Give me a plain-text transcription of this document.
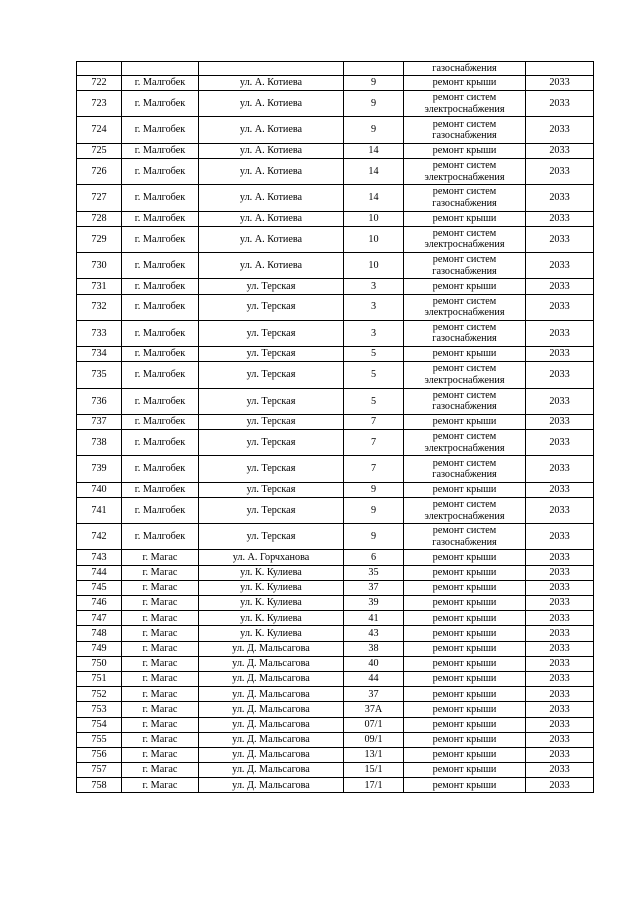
				газоснабжения	
722	г. Малгобек	ул. А. Котиева	9	ремонт крыши	2033
723	г. Малгобек	ул. А. Котиева	9	ремонт систем электроснабжения	2033
724	г. Малгобек	ул. А. Котиева	9	ремонт систем газоснабжения	2033
725	г. Малгобек	ул. А. Котиева	14	ремонт крыши	2033
726	г. Малгобек	ул. А. Котиева	14	ремонт систем электроснабжения	2033
727	г. Малгобек	ул. А. Котиева	14	ремонт систем газоснабжения	2033
728	г. Малгобек	ул. А. Котиева	10	ремонт крыши	2033
729	г. Малгобек	ул. А. Котиева	10	ремонт систем электроснабжения	2033
730	г. Малгобек	ул. А. Котиева	10	ремонт систем газоснабжения	2033
731	г. Малгобек	ул. Терская	3	ремонт крыши	2033
732	г. Малгобек	ул. Терская	3	ремонт систем электроснабжения	2033
733	г. Малгобек	ул. Терская	3	ремонт систем газоснабжения	2033
734	г. Малгобек	ул. Терская	5	ремонт крыши	2033
735	г. Малгобек	ул. Терская	5	ремонт систем электроснабжения	2033
736	г. Малгобек	ул. Терская	5	ремонт систем газоснабжения	2033
737	г. Малгобек	ул. Терская	7	ремонт крыши	2033
738	г. Малгобек	ул. Терская	7	ремонт систем электроснабжения	2033
739	г. Малгобек	ул. Терская	7	ремонт систем газоснабжения	2033
740	г. Малгобек	ул. Терская	9	ремонт крыши	2033
741	г. Малгобек	ул. Терская	9	ремонт систем электроснабжения	2033
742	г. Малгобек	ул. Терская	9	ремонт систем газоснабжения	2033
743	г. Магас	ул. А. Горчханова	6	ремонт крыши	2033
744	г. Магас	ул. К. Кулиева	35	ремонт крыши	2033
745	г. Магас	ул. К. Кулиева	37	ремонт крыши	2033
746	г. Магас	ул. К. Кулиева	39	ремонт крыши	2033
747	г. Магас	ул. К. Кулиева	41	ремонт крыши	2033
748	г. Магас	ул. К. Кулиева	43	ремонт крыши	2033
749	г. Магас	ул. Д. Мальсагова	38	ремонт крыши	2033
750	г. Магас	ул. Д. Мальсагова	40	ремонт крыши	2033
751	г. Магас	ул. Д. Мальсагова	44	ремонт крыши	2033
752	г. Магас	ул. Д. Мальсагова	37	ремонт крыши	2033
753	г. Магас	ул. Д. Мальсагова	37А	ремонт крыши	2033
754	г. Магас	ул. Д. Мальсагова	07/1	ремонт крыши	2033
755	г. Магас	ул. Д. Мальсагова	09/1	ремонт крыши	2033
756	г. Магас	ул. Д. Мальсагова	13/1	ремонт крыши	2033
757	г. Магас	ул. Д. Мальсагова	15/1	ремонт крыши	2033
758	г. Магас	ул. Д. Мальсагова	17/1	ремонт крыши	2033
